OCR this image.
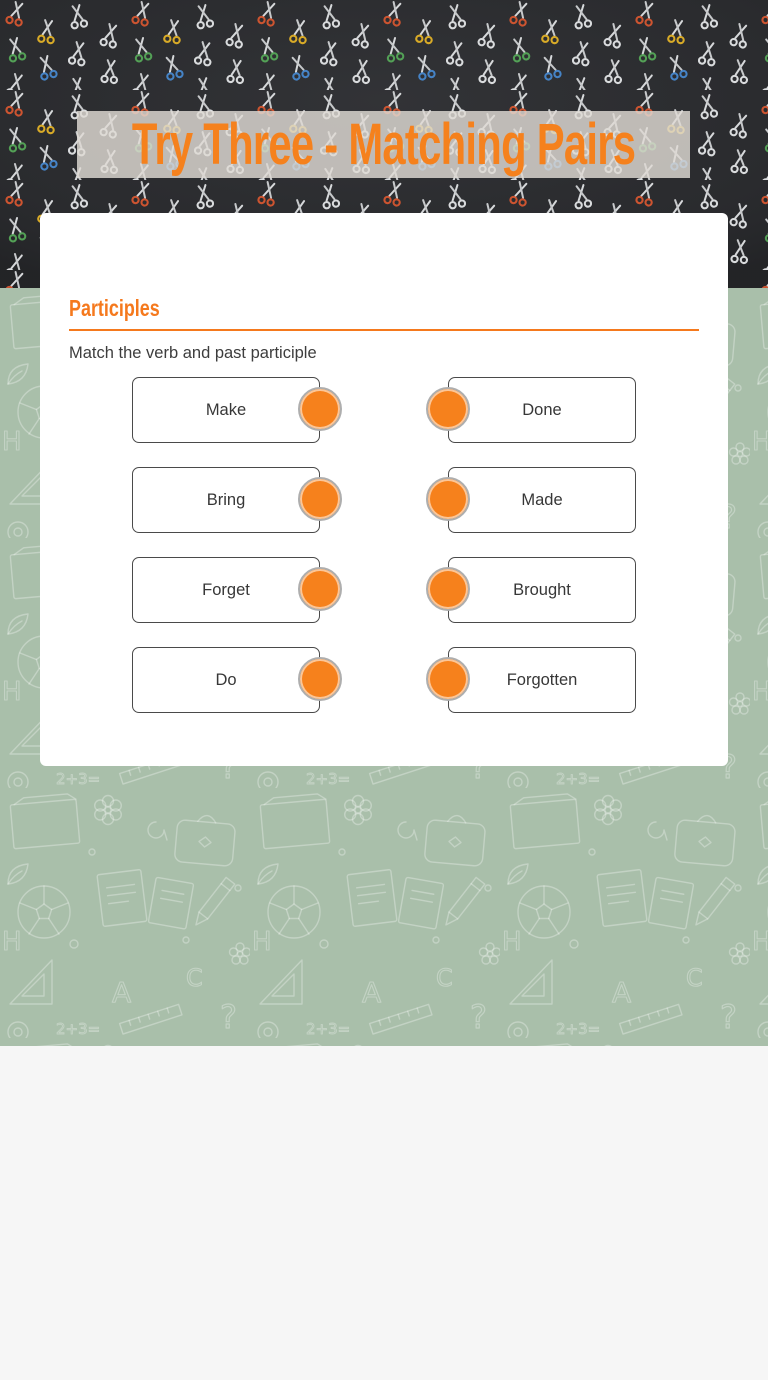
Try Three - Matching Pairs
Participles

Match the verb and past participle

Make	Done
Bring	Made
Forget	Brought
Do	Forgotten
